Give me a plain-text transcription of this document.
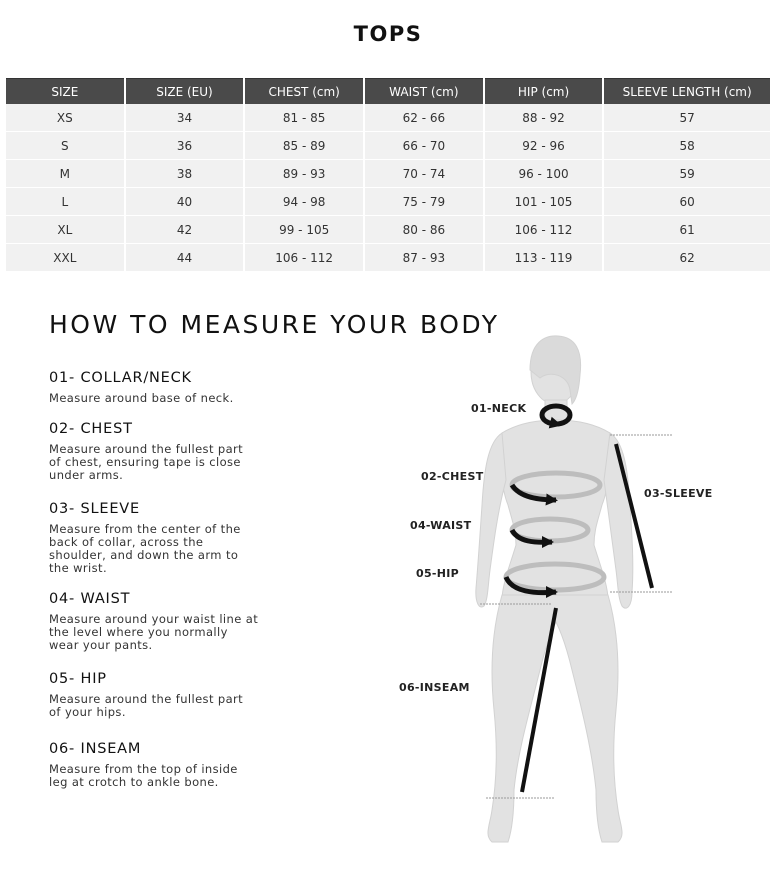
TOPS
SIZE	SIZE (EU)	CHEST (cm)	WAIST (cm)	HIP (cm)	SLEEVE LENGTH (cm)
XS	34	81 - 85	62 - 66	88 - 92	57
S	36	85 - 89	66 - 70	92 - 96	58
M	38	89 - 93	70 - 74	96 - 100	59
L	40	94 - 98	75 - 79	101 - 105	60
XL	42	99 - 105	80 - 86	106 - 112	61
XXL	44	106 - 112	87 - 93	113 - 119	62
HOW TO MEASURE YOUR BODY
01- COLLAR/NECK
Measure around base of neck.
02- CHEST
Measure around the fullest part of chest, ensuring tape is close under arms.
03- SLEEVE
Measure from the center of the back of collar, across the shoulder, and down the arm to the wrist.
04- WAIST
Measure around your waist line at the level where you normally wear your pants.
05- HIP
Measure around the fullest part of your hips.
06- INSEAM
Measure from the top of inside leg at crotch to ankle bone.
01-NECK
02-CHEST
03-SLEEVE
04-WAIST
05-HIP
06-INSEAM
